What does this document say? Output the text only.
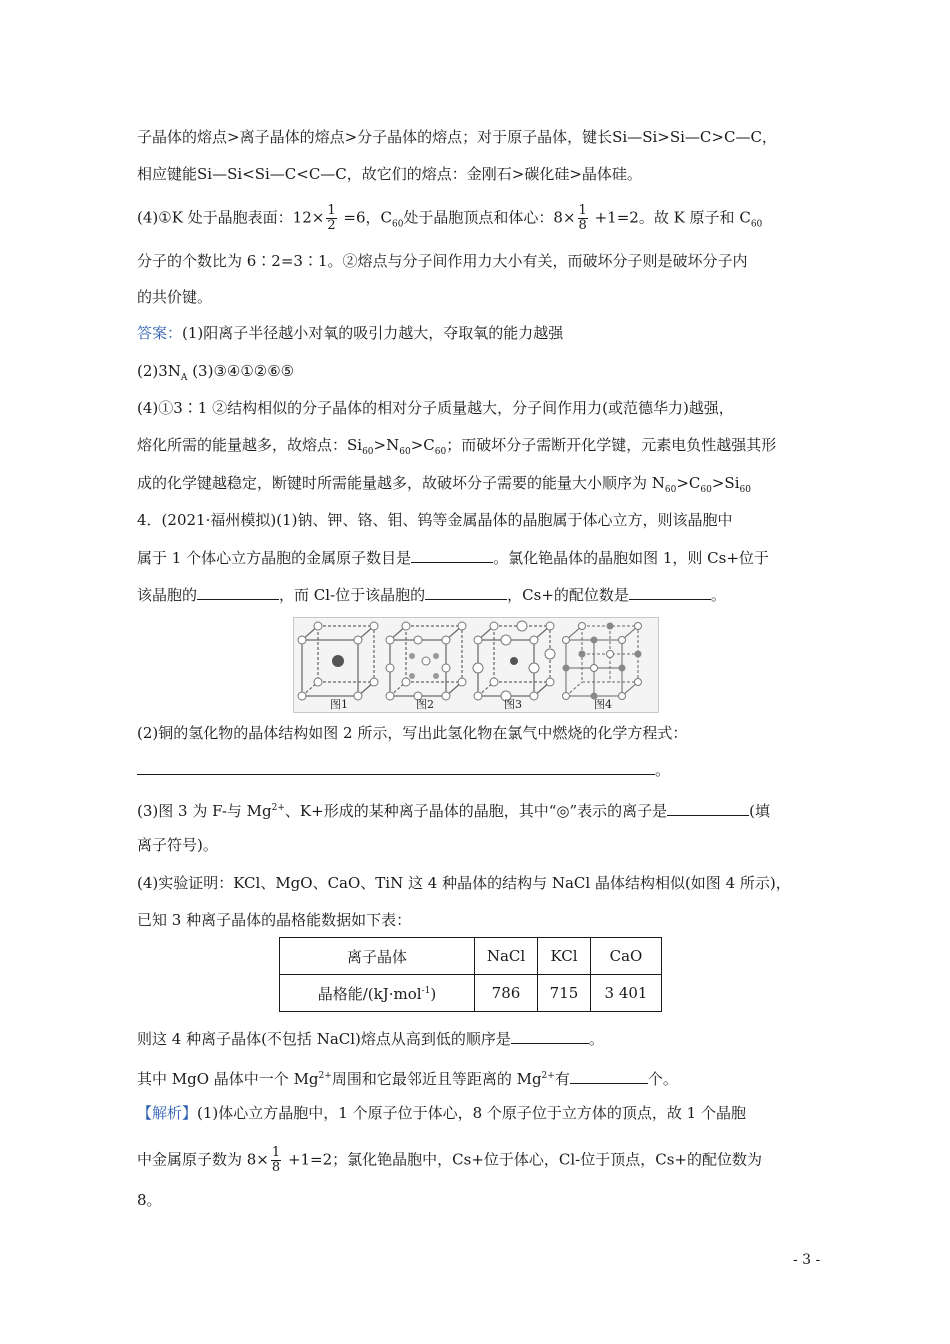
子晶体的熔点>离子晶体的熔点>分子晶体的熔点；对于原子晶体，键长Si—Si>Si—C>C—C，
相应键能Si—Si<Si—C<C—C，故它们的熔点：金刚石>碳化硅>晶体硅。
(4)①K 处于晶胞表面：$12\times \frac{1}{2} =6$，$C_{60}$处于晶胞顶点和体心：$8\times \frac{1}{8} +1=2$。故 K 原子和 $C_{60}$
分子的个数比为 6∶2=3∶1。②熔点与分子间作用力大小有关，而破坏分子则是破坏分子内
的共价键。
答案：(1)阳离子半径越小对氧的吸引力越大，夺取氧的能力越强
$(2)3N_A$ (3)③④①②⑥⑤
(4)①3∶1 ②结构相似的分子晶体的相对分子质量越大，分子间作用力(或范德华力)越强，
熔化所需的能量越多，故熔点：$Si_{60}>N_{60}>C_{60}$；而破坏分子需断开化学键，元素电负性越强其形
成的化学键越稳定，断键时所需能量越多，故破坏分子需要的能量大小顺序为 $N_{60}>C_{60}>Si_{60}$
4．(2021·福州模拟)(1)钠、钾、铬、钼、钨等金属晶体的晶胞属于体心立方，则该晶胞中
属于 1 个体心立方晶胞的金属原子数目是	。氯化铯晶体的晶胞如图 1，则 Cs+位于
该晶胞的	，而 Cl-位于该晶胞的	，Cs+的配位数是	。
图1	图2	图3	图4
(2)铜的氢化物的晶体结构如图 2 所示，写出此氢化物在氯气中燃烧的化学方程式：
。
(3)图 3 为 F-与 $Mg^{2+}$、K+形成的某种离子晶体的晶胞，其中“◎”表示的离子是	(填
离子符号)。
(4)实验证明：KCl、MgO、CaO、TiN 这 4 种晶体的结构与 NaCl 晶体结构相似(如图 4 所示)，
已知 3 种离子晶体的晶格能数据如下表：
离子晶体	NaCl	KCl	CaO
晶格能/(kJ·mol$^{-1}$)	786	715	3 401
则这 4 种离子晶体(不包括 NaCl)熔点从高到低的顺序是	。
其中 MgO 晶体中一个 $Mg^{2+}$周围和它最邻近且等距离的 $Mg^{2+}$有	个。
【解析】(1)体心立方晶胞中，1 个原子位于体心，8 个原子位于立方体的顶点，故 1 个晶胞
中金属原子数为 $8\times \frac{1}{8} +1=2$；氯化铯晶胞中，Cs+位于体心，Cl-位于顶点，Cs+的配位数为
8。
- 3 -
